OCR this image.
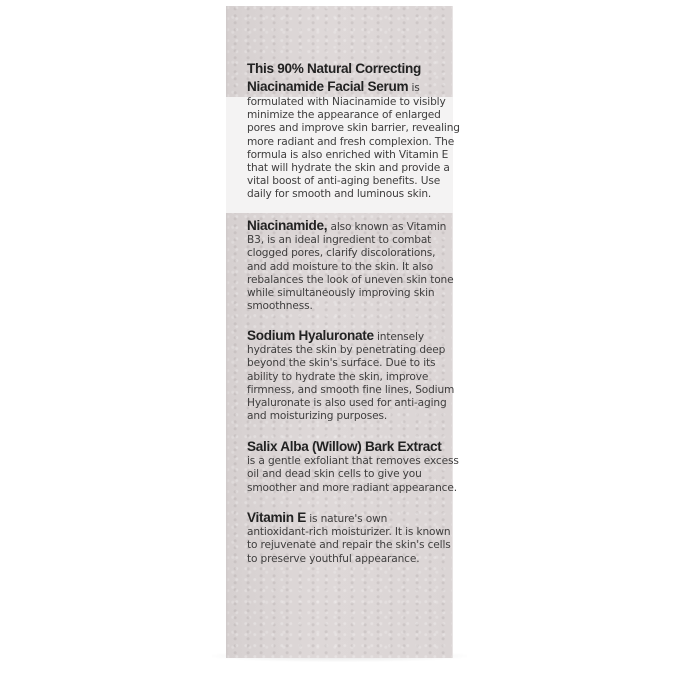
This 90% Natural Correcting
Niacinamide Facial Serum is
formulated with Niacinamide to visibly
minimize the appearance of enlarged
pores and improve skin barrier, revealing
more radiant and fresh complexion. The
formula is also enriched with Vitamin E
that will hydrate the skin and provide a
vital boost of anti-aging benefits. Use
daily for smooth and luminous skin.
Niacinamide, also known as Vitamin
B3, is an ideal ingredient to combat
clogged pores, clarify discolorations,
and add moisture to the skin. It also
rebalances the look of uneven skin tone
while simultaneously improving skin
smoothness.
Sodium Hyaluronate intensely
hydrates the skin by penetrating deep
beyond the skin's surface. Due to its
ability to hydrate the skin, improve
firmness, and smooth fine lines, Sodium
Hyaluronate is also used for anti-aging
and moisturizing purposes.
Salix Alba (Willow) Bark Extract
is a gentle exfoliant that removes excess
oil and dead skin cells to give you
smoother and more radiant appearance.
Vitamin E is nature's own
antioxidant-rich moisturizer. It is known
to rejuvenate and repair the skin's cells
to preserve youthful appearance.
